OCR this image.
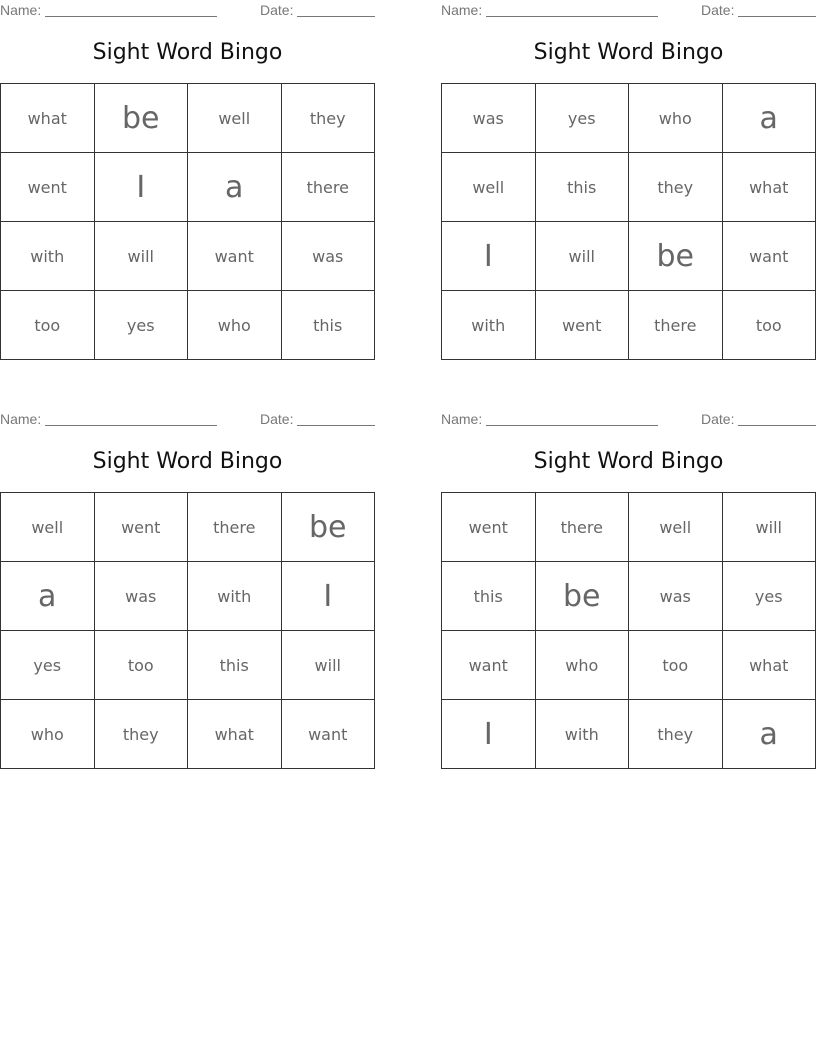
Name:	Date:
Sight Word Bingo
what	be	well	they
went	I	a	there
with	will	want	was
too	yes	who	this
Name:	Date:
Sight Word Bingo
was	yes	who	a
well	this	they	what
I	will	be	want
with	went	there	too
Name:	Date:
Sight Word Bingo
well	went	there	be
a	was	with	I
yes	too	this	will
who	they	what	want
Name:	Date:
Sight Word Bingo
went	there	well	will
this	be	was	yes
want	who	too	what
I	with	they	a
